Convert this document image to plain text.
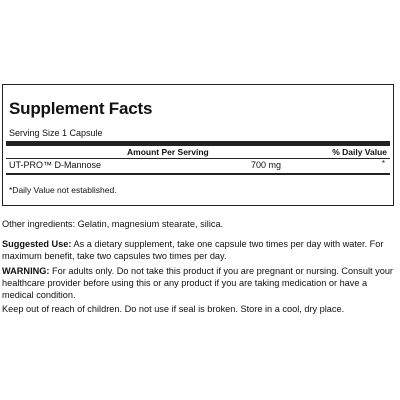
Supplement Facts
Serving Size 1 Capsule
Amount Per Serving	% Daily Value
UT-PRO™ D-Mannose	700 mg	*
*Daily Value not established.

Other ingredients: Gelatin, magnesium stearate, silica.

Suggested Use: As a dietary supplement, take one capsule two times per day with water. For maximum benefit, take two capsules two times per day.

WARNING: For adults only. Do not take this product if you are pregnant or nursing. Consult your healthcare provider before using this or any product if you are taking medication or have a medical condition.

Keep out of reach of children. Do not use if seal is broken. Store in a cool, dry place.
